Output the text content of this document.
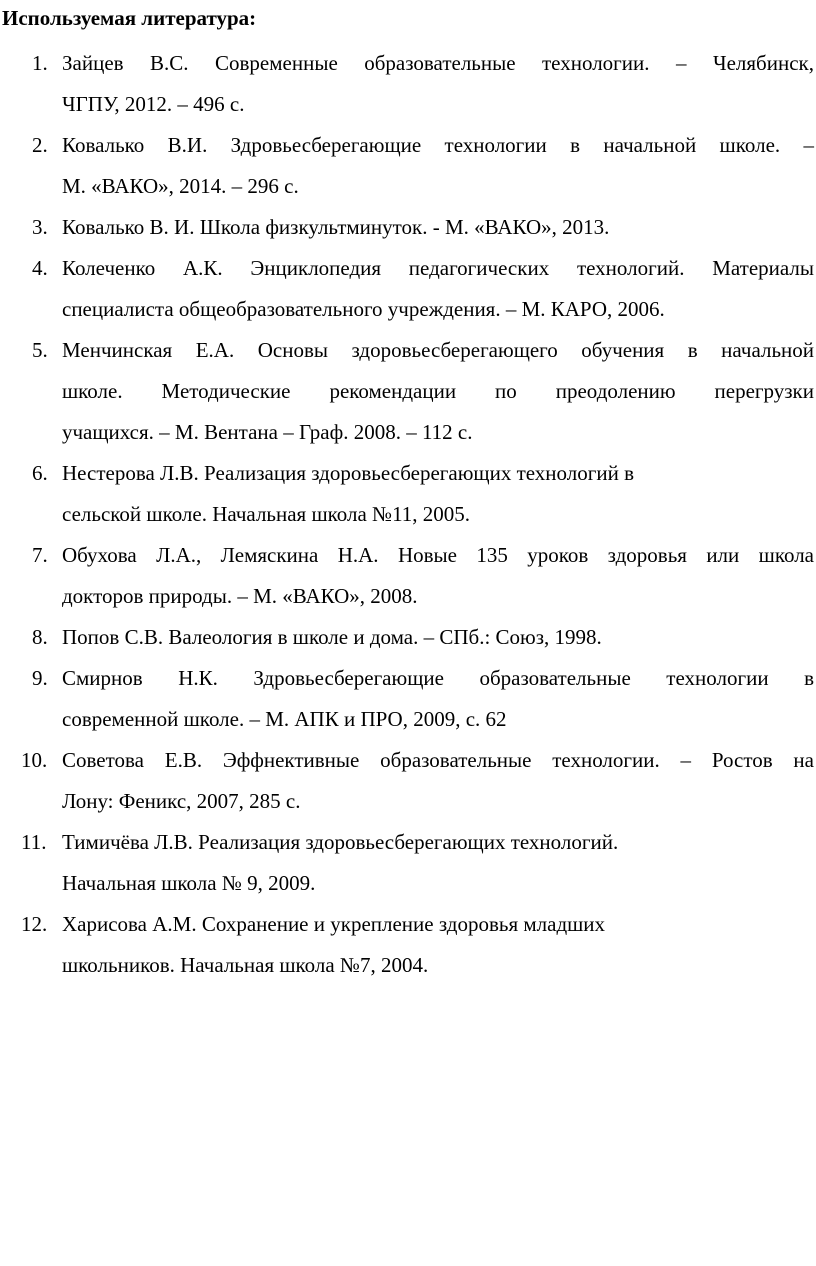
Используемая литература:
1. Зайцев В.С. Современные образовательные технологии. – Челябинск,
ЧГПУ, 2012. – 496 с.
2. Ковалько В.И. Здровьесберегающие технологии в начальной школе. –
М. «ВАКО», 2014. – 296 с.
3. Ковалько В. И. Школа физкультминуток. - М. «ВАКО», 2013.
4. Колеченко А.К. Энциклопедия педагогических технологий. Материалы
специалиста общеобразовательного учреждения. – М. КАРО, 2006.
5. Менчинская Е.А. Основы здоровьесберегающего обучения в начальной
школе. Методические рекомендации по преодолению перегрузки
учащихся. – М. Вентана – Граф. 2008. – 112 с.
6. Нестерова Л.В. Реализация здоровьесберегающих технологий в
сельской школе. Начальная школа №11, 2005.
7. Обухова Л.А., Лемяскина Н.А. Новые 135 уроков здоровья или школа
докторов природы. – М. «ВАКО», 2008.
8. Попов С.В. Валеология в школе и дома. – СПб.: Союз, 1998.
9. Смирнов Н.К. Здровьесберегающие образовательные технологии в
современной школе. – М. АПК и ПРО, 2009, с. 62
10. Советова Е.В. Эффнективные образовательные технологии. – Ростов на
Лону: Феникс, 2007, 285 с.
11. Тимичёва Л.В. Реализация здоровьесберегающих технологий.
Начальная школа № 9, 2009.
12. Харисова А.М. Сохранение и укрепление здоровья младших
школьников. Начальная школа №7, 2004.
